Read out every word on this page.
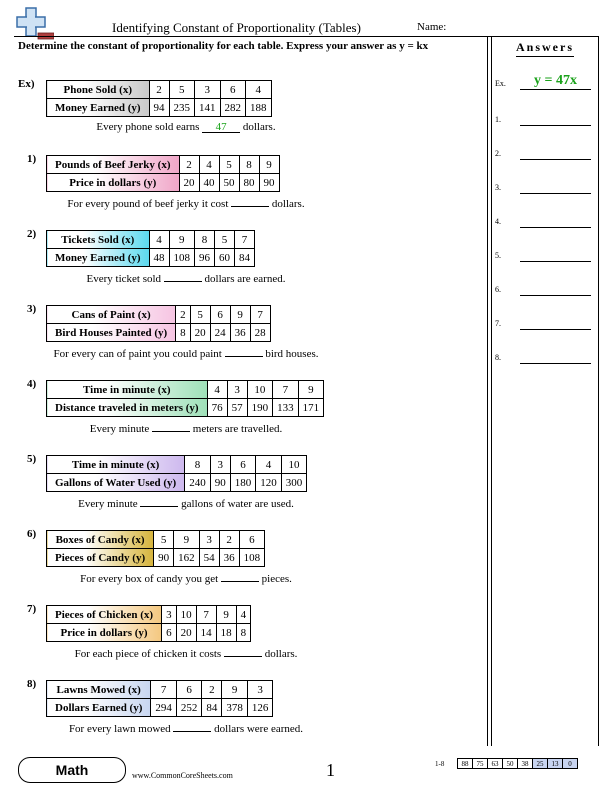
Identifying Constant of Proportionality (Tables)	Name:
Determine the constant of proportionality for each table. Express your answer as y = kx	Answers
Ex.	y = 47x
1.
2.
3.
4.
5.
6.
7.
8.
Ex)	Phone Sold (x)	2	5	3	6	4
Money Earned (y)	94	235	141	282	188
Every phone sold earns 47 dollars.
1) Pounds of Beef Jerky (x)	2	4	5	8	9
Price in dollars (y)	20	40	50	80	90
For every pound of beef jerky it cost	dollars.
2) Tickets Sold (x)	4	9	8	5	7
Money Earned (y)	48	108	96	60	84
Every ticket sold	dollars are earned.
3)	Cans of Paint (x)	2	5	6	9	7
Bird Houses Painted (y)	8	20	24	36	28
For every can of paint you could paint	bird houses.
4)	Time in minute (x)	4	3	10	7	9
Distance traveled in meters (y)	76	57	190	133	171
Every minute	meters are travelled.
5)	Time in minute (x)	8	3	6	4	10
Gallons of Water Used (y)	240	90	180	120	300
Every minute	gallons of water are used.
6) Boxes of Candy (x)	5	9	3	2	6
Pieces of Candy (y)	90	162	54	36	108
For every box of candy you get	pieces.
7) Pieces of Chicken (x)	3	10	7	9	4
Price in dollars (y)	6	20	14	18	8
For each piece of chicken it costs	dollars.
8) Lawns Mowed (x)	7	6	2	9	3
Dollars Earned (y)	294	252	84	378	126
For every lawn mowed	dollars were earned.
Math	www.CommonCoreSheets.com	1	1-8 88	75	63	50	38	25	13	0
